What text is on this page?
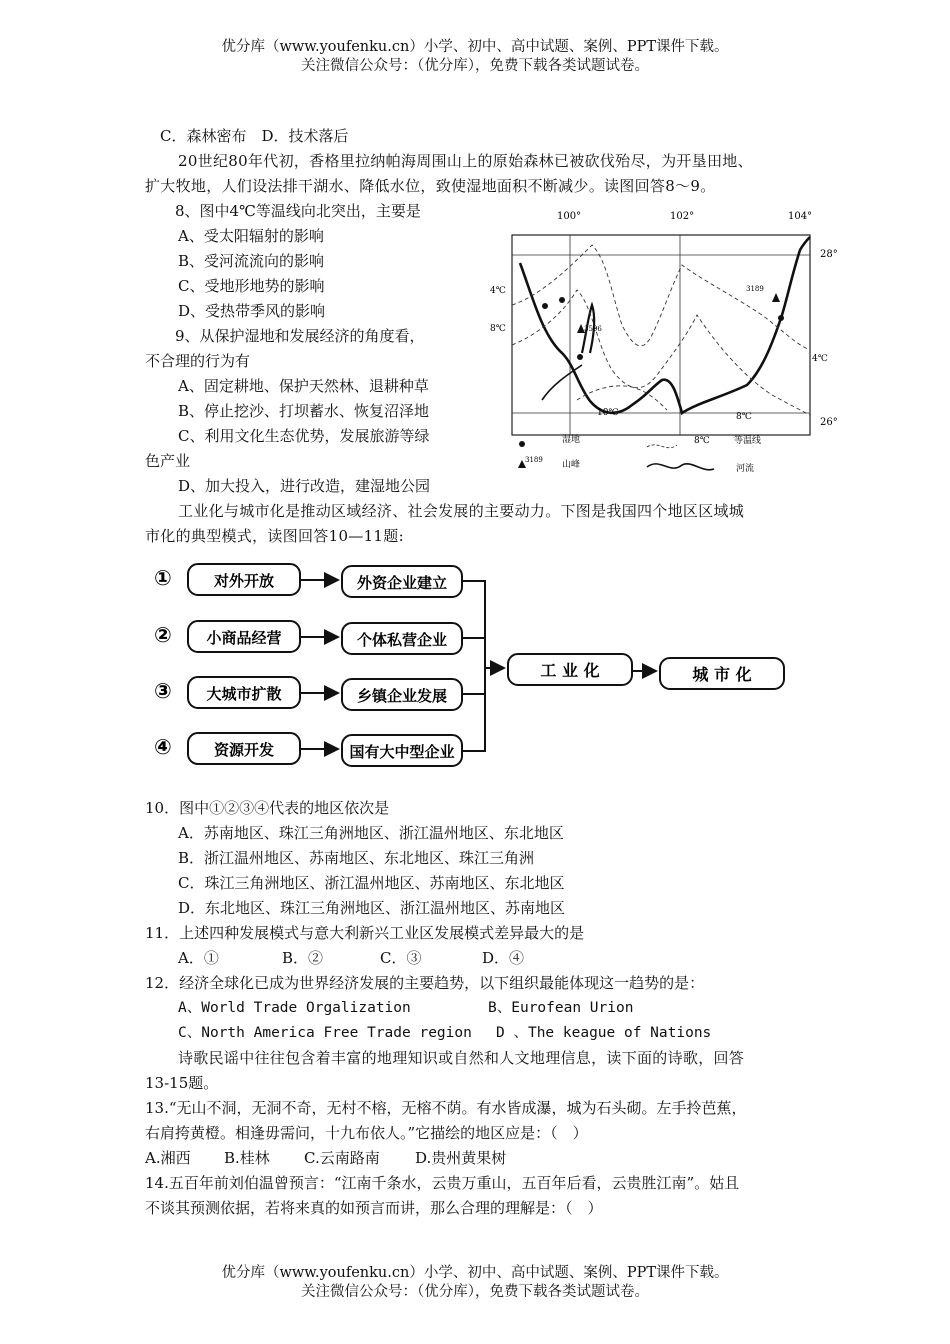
优分库（www.youfenku.cn）小学、初中、高中试题、案例、PPT课件下载。
关注微信公众号：（优分库），免费下载各类试题试卷。
C．森林密布　D．技术落后
20世纪80年代初，香格里拉纳帕海周围山上的原始森林已被砍伐殆尽，为开垦田地、
扩大牧地，人们设法排干湖水、降低水位，致使湿地面积不断减少。读图回答8～9。
8、图中4℃等温线向北突出，主要是
A、受太阳辐射的影响
B、受河流流向的影响
C、受地形地势的影响
D、受热带季风的影响
9、从保护湿地和发展经济的角度看，
不合理的行为有
A、固定耕地、保护天然林、退耕种草
B、停止挖沙、打坝蓄水、恢复沼泽地
C、利用文化生态优势，发展旅游等绿
色产业
D、加大投入，进行改造，建湿地公园
100°	102°	104°
28°
26°
4℃
8℃
4℃
8℃
8℃
10℃
3189
3596
湿地
3189 山峰
等温线
河流
工业化与城市化是推动区域经济、社会发展的主要动力。下图是我国四个地区区域城
市化的典型模式，读图回答10—11题:
①	对外开放	外资企业建立
② 小商品经营	个体私营企业
③ 大城市扩散	乡镇企业发展
④	资源开发	国有大中型企业
工 业 化	城 市 化
10．图中①②③④代表的地区依次是
A．苏南地区、珠江三角洲地区、浙江温州地区、东北地区
B．浙江温州地区、苏南地区、东北地区、珠江三角洲
C．珠江三角洲地区、浙江温州地区、苏南地区、东北地区
D．东北地区、珠江三角洲地区、浙江温州地区、苏南地区
11．上述四种发展模式与意大利新兴工业区发展模式差异最大的是
A．①	B．②	C．③	D．④
12．经济全球化已成为世界经济发展的主要趋势，以下组织最能体现这一趋势的是：
A、World Trade Orgalization	B、Eurofean Urion
C、North America Free Trade region D 、The keague of Nations
诗歌民谣中往往包含着丰富的地理知识或自然和人文地理信息，读下面的诗歌，回答
13-15题。
13.“无山不洞，无洞不奇，无村不榕，无榕不荫。有水皆成瀑，城为石头砌。左手拎芭蕉，
右肩挎黄橙。相逢毋需问，十九布依人。”它描绘的地区应是：（　）
A.湘西 B.桂林 C.云南路南 D.贵州黄果树
14.五百年前刘伯温曾预言：“江南千条水，云贵万重山，五百年后看，云贵胜江南”。姑且
不谈其预测依据，若将来真的如预言而讲，那么合理的理解是：（　）
优分库（www.youfenku.cn）小学、初中、高中试题、案例、PPT课件下载。
关注微信公众号：（优分库），免费下载各类试题试卷。
